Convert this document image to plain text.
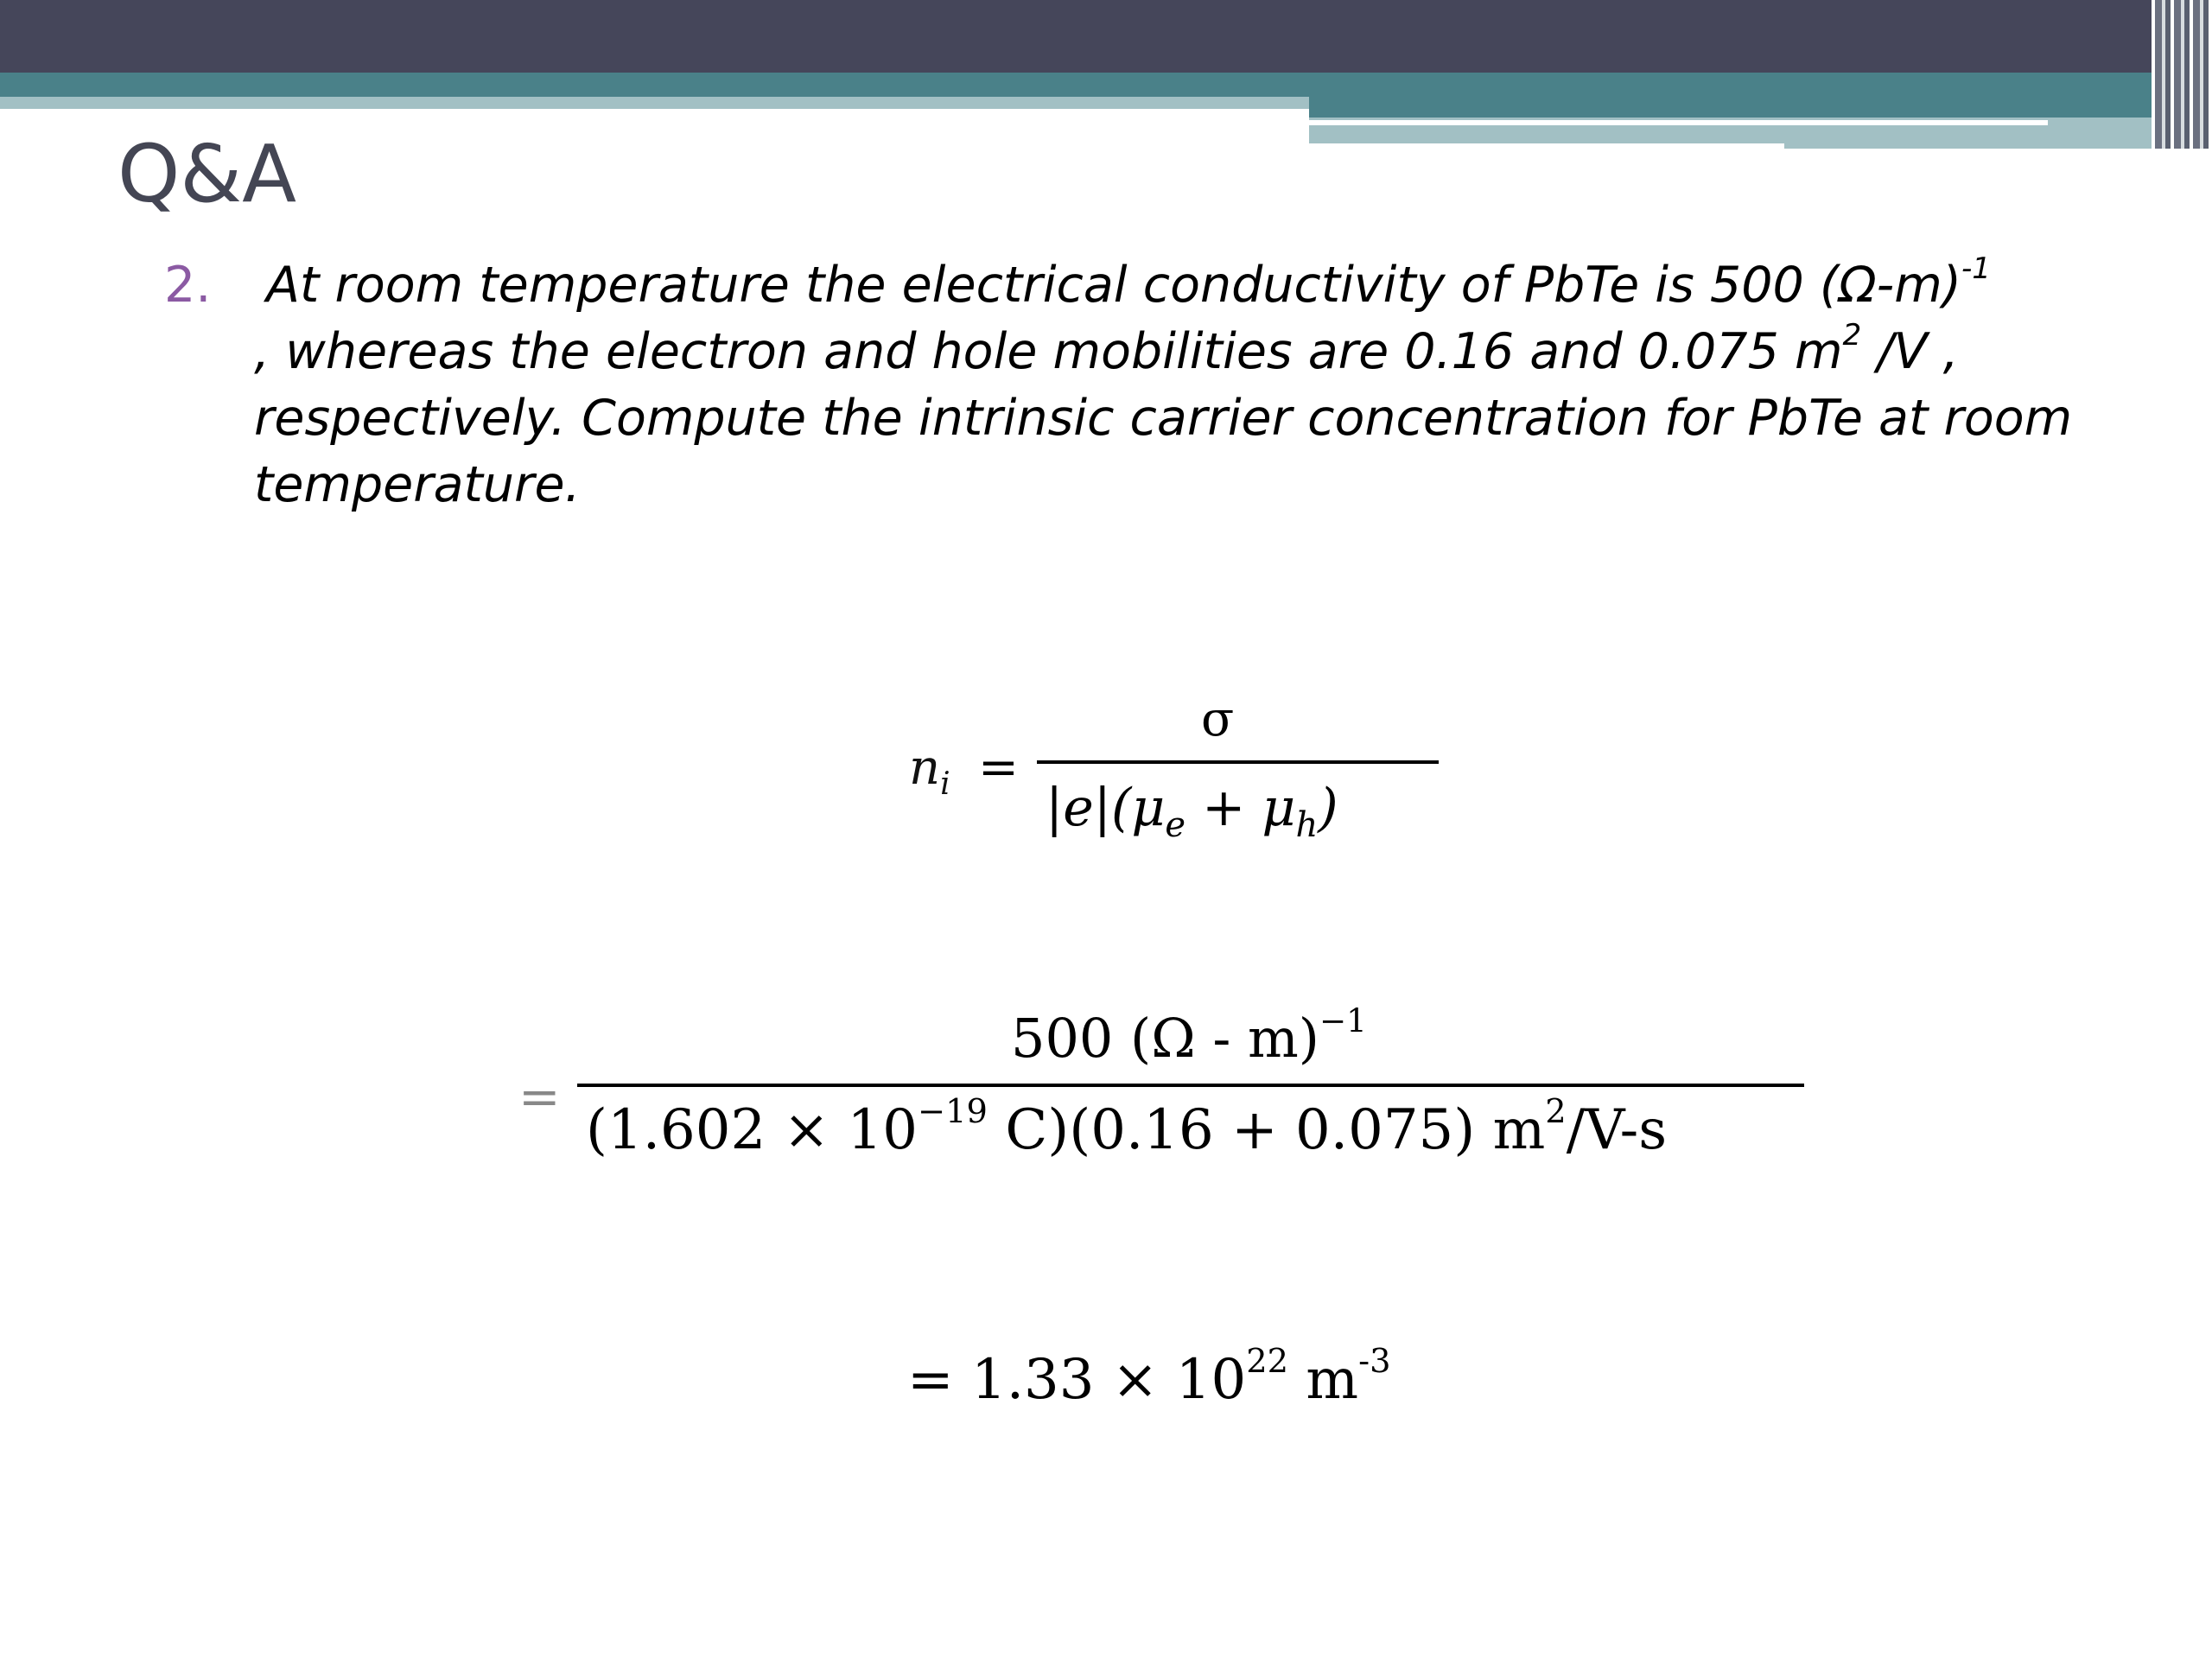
Q&A
2. At room temperature the electrical conductivity of PbTe is 500 $(\Omega-m)^{-1}$
, whereas the electron and hole mobilities are 0.16 and 0.075 $m^2$ /V ,
respectively. Compute the intrinsic carrier concentration for PbTe at room
temperature.
$n_i$ =
σ
$|e|(\mu_e + \mu_h)$
=
500 (Ω - m)$^{-1}$
($1.602 \times 10^{-19}$ C)(0.16 + 0.075) $m^2/V-s$
= $1.33 \times 10^{22}$ $m^{-3}$
